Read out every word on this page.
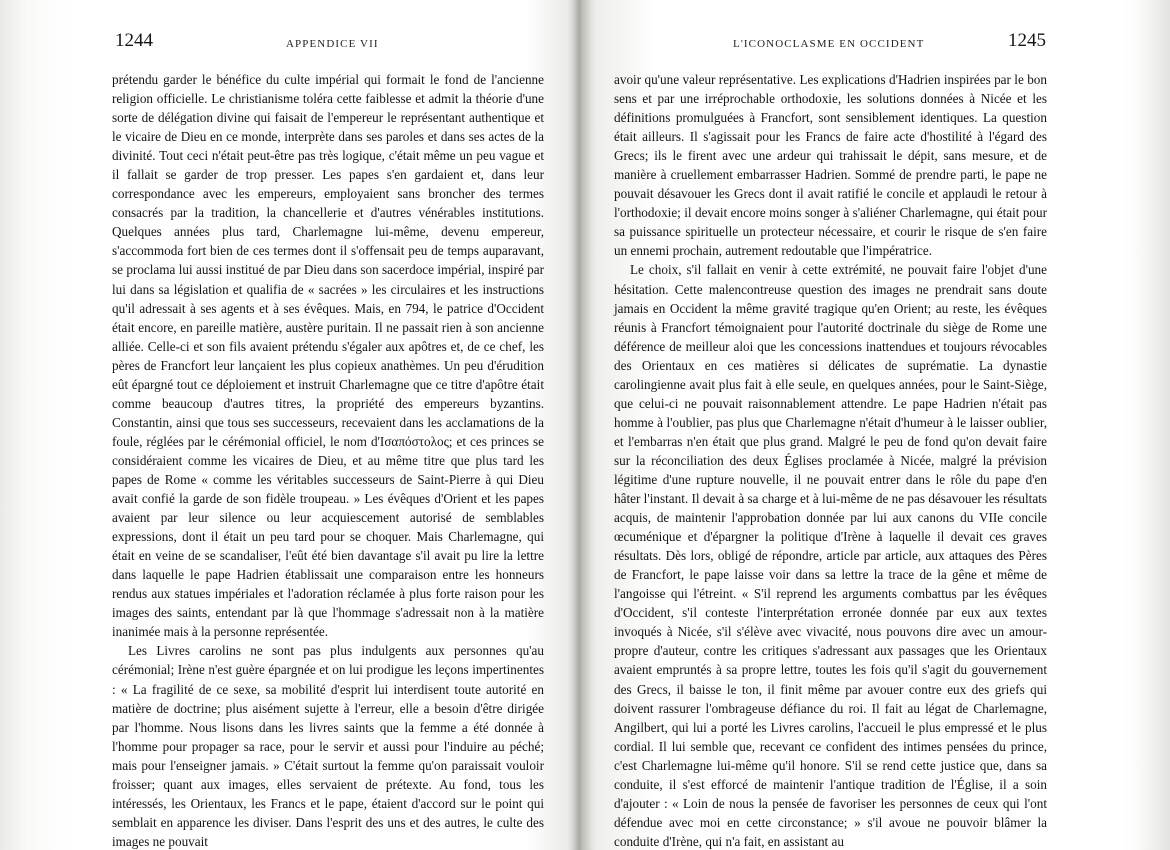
1244	APPENDICE VII

prétendu garder le bénéfice du culte impérial qui formait le fond de l'ancienne religion officielle. Le christianisme toléra cette faiblesse et admit la théorie d'une sorte de délégation divine qui faisait de l'empereur le représentant authentique et le vicaire de Dieu en ce monde, interprète dans ses paroles et dans ses actes de la divinité. Tout ceci n'était peut-être pas très logique, c'était même un peu vague et il fallait se garder de trop presser. Les papes s'en gardaient et, dans leur correspondance avec les empereurs, employaient sans broncher des termes consacrés par la tradition, la chancellerie et d'autres vénérables institutions. Quelques années plus tard, Charlemagne lui-même, devenu empereur, s'accommoda fort bien de ces termes dont il s'offensait peu de temps auparavant, se proclama lui aussi institué de par Dieu dans son sacerdoce impérial, inspiré par lui dans sa législation et qualifia de « sacrées » les circulaires et les instructions qu'il adressait à ses agents et à ses évêques. Mais, en 794, le patrice d'Occident était encore, en pareille matière, austère puritain. Il ne passait rien à son ancienne alliée. Celle-ci et son fils avaient prétendu s'égaler aux apôtres et, de ce chef, les pères de Francfort leur lançaient les plus copieux anathèmes. Un peu d'érudition eût épargné tout ce déploiement et instruit Charlemagne que ce titre d'apôtre était comme beaucoup d'autres titres, la propriété des empereurs byzantins. Constantin, ainsi que tous ses successeurs, recevaient dans les acclamations de la foule, réglées par le cérémonial officiel, le nom d'Ισαπόστολος; et ces princes se considéraient comme les vicaires de Dieu, et au même titre que plus tard les papes de Rome « comme les véritables successeurs de Saint-Pierre à qui Dieu avait confié la garde de son fidèle troupeau. » Les évêques d'Orient et les papes avaient par leur silence ou leur acquiescement autorisé de semblables expressions, dont il était un peu tard pour se choquer. Mais Charlemagne, qui était en veine de se scandaliser, l'eût été bien davantage s'il avait pu lire la lettre dans laquelle le pape Hadrien établissait une comparaison entre les honneurs rendus aux statues impériales et l'adoration réclamée à plus forte raison pour les images des saints, entendant par là que l'hommage s'adressait non à la matière inanimée mais à la personne représentée.

Les Livres carolins ne sont pas plus indulgents aux personnes qu'au cérémonial; Irène n'est guère épargnée et on lui prodigue les leçons impertinentes : « La fragilité de ce sexe, sa mobilité d'esprit lui interdisent toute autorité en matière de doctrine; plus aisément sujette à l'erreur, elle a besoin d'être dirigée par l'homme. Nous lisons dans les livres saints que la femme a été donnée à l'homme pour propager sa race, pour le servir et aussi pour l'induire au péché; mais pour l'enseigner jamais. » C'était surtout la femme qu'on paraissait vouloir froisser; quant aux images, elles servaient de prétexte. Au fond, tous les intéressés, les Orientaux, les Francs et le pape, étaient d'accord sur le point qui semblait en apparence les diviser. Dans l'esprit des uns et des autres, le culte des images ne pouvait

L'ICONOCLASME EN OCCIDENT	1245

avoir qu'une valeur représentative. Les explications d'Hadrien inspirées par le bon sens et par une irréprochable orthodoxie, les solutions données à Nicée et les définitions promulguées à Francfort, sont sensiblement identiques. La question était ailleurs. Il s'agissait pour les Francs de faire acte d'hostilité à l'égard des Grecs; ils le firent avec une ardeur qui trahissait le dépit, sans mesure, et de manière à cruellement embarrasser Hadrien. Sommé de prendre parti, le pape ne pouvait désavouer les Grecs dont il avait ratifié le concile et applaudi le retour à l'orthodoxie; il devait encore moins songer à s'aliéner Charlemagne, qui était pour sa puissance spirituelle un protecteur nécessaire, et courir le risque de s'en faire un ennemi prochain, autrement redoutable que l'impératrice.

Le choix, s'il fallait en venir à cette extrémité, ne pouvait faire l'objet d'une hésitation. Cette malencontreuse question des images ne prendrait sans doute jamais en Occident la même gravité tragique qu'en Orient; au reste, les évêques réunis à Francfort témoignaient pour l'autorité doctrinale du siège de Rome une déférence de meilleur aloi que les concessions inattendues et toujours révocables des Orientaux en ces matières si délicates de suprématie. La dynastie carolingienne avait plus fait à elle seule, en quelques années, pour le Saint-Siège, que celui-ci ne pouvait raisonnablement attendre. Le pape Hadrien n'était pas homme à l'oublier, pas plus que Charlemagne n'était d'humeur à le laisser oublier, et l'embarras n'en était que plus grand. Malgré le peu de fond qu'on devait faire sur la réconciliation des deux Églises proclamée à Nicée, malgré la prévision légitime d'une rupture nouvelle, il ne pouvait entrer dans le rôle du pape d'en hâter l'instant. Il devait à sa charge et à lui-même de ne pas désavouer les résultats acquis, de maintenir l'approbation donnée par lui aux canons du VIIe concile œcuménique et d'épargner la politique d'Irène à laquelle il devait ces graves résultats. Dès lors, obligé de répondre, article par article, aux attaques des Pères de Francfort, le pape laisse voir dans sa lettre la trace de la gêne et même de l'angoisse qui l'étreint. « S'il reprend les arguments combattus par les évêques d'Occident, s'il conteste l'interprétation erronée donnée par eux aux textes invoqués à Nicée, s'il s'élève avec vivacité, nous pouvons dire avec un amour-propre d'auteur, contre les critiques s'adressant aux passages que les Orientaux avaient empruntés à sa propre lettre, toutes les fois qu'il s'agit du gouvernement des Grecs, il baisse le ton, il finit même par avouer contre eux des griefs qui doivent rassurer l'ombrageuse défiance du roi. Il fait au légat de Charlemagne, Angilbert, qui lui a porté les Livres carolins, l'accueil le plus empressé et le plus cordial. Il lui semble que, recevant ce confident des intimes pensées du prince, c'est Charlemagne lui-même qu'il honore. S'il se rend cette justice que, dans sa conduite, il s'est efforcé de maintenir l'antique tradition de l'Église, il a soin d'ajouter : « Loin de nous la pensée de favoriser les personnes de ceux qui l'ont défendue avec moi en cette circonstance; » s'il avoue ne pouvoir blâmer la conduite d'Irène, qui n'a fait, en assistant au
